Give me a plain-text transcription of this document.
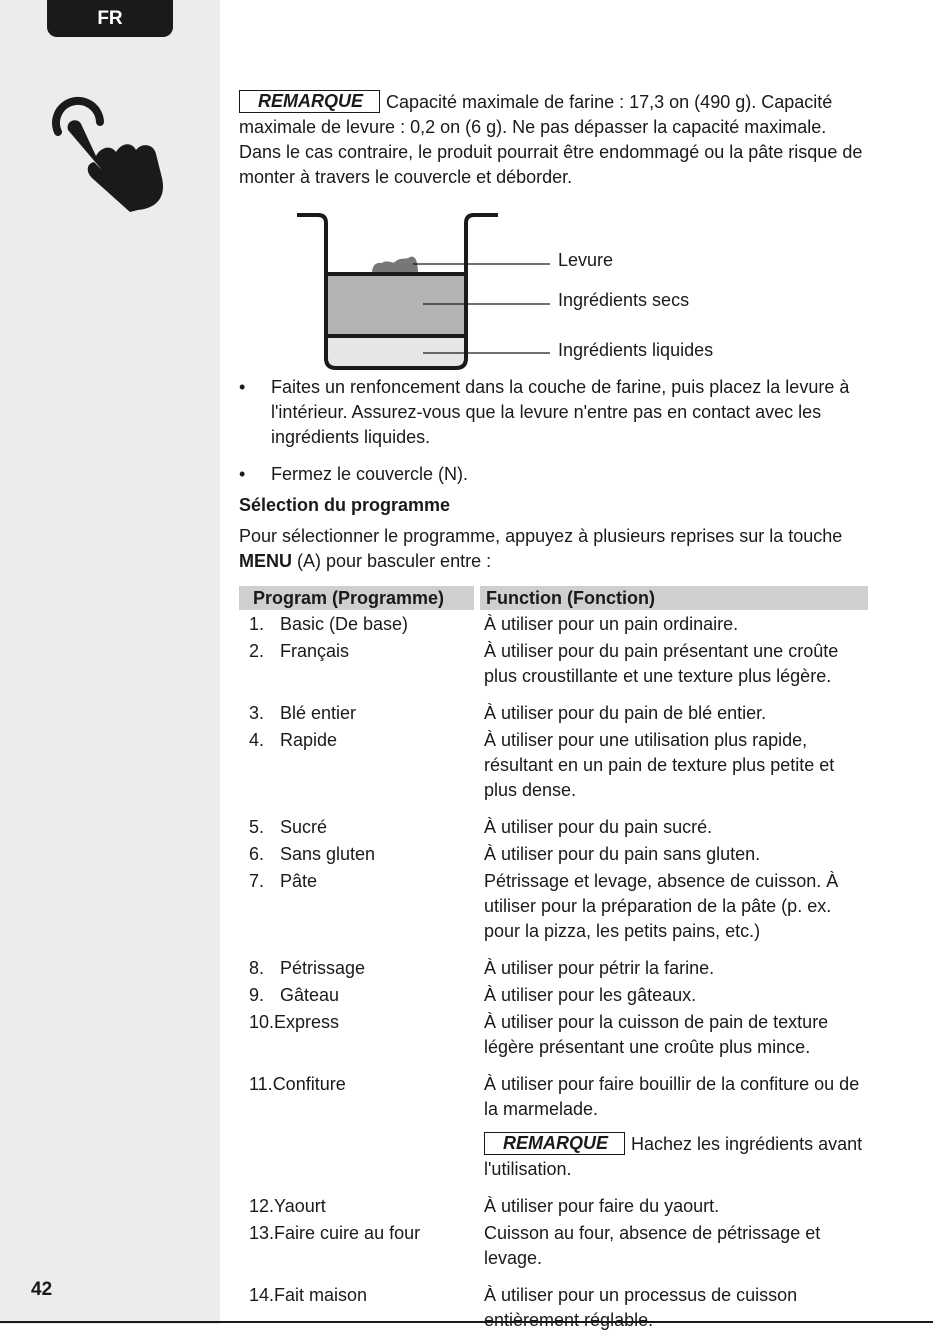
FR
42

REMARQUE Capacité maximale de farine : 17,3 on (490 g). Capacité maximale de levure : 0,2 on (6 g). Ne pas dépasser la capacité maximale. Dans le cas contraire, le produit pourrait être endommagé ou la pâte risque de monter à travers le couvercle et déborder.

Levure
Ingrédients secs
Ingrédients liquides
• Faites un renfoncement dans la couche de farine, puis placez la levure à l'intérieur. Assurez-vous que la levure n'entre pas en contact avec les ingrédients liquides.
• Fermez le couvercle (N).
Sélection du programme

Pour sélectionner le programme, appuyez à plusieurs reprises sur la touche MENU (A) pour basculer entre :

Program (Programme)	Function (Fonction)
1. Basic (De base)	À utiliser pour un pain ordinaire.

2. Français	À utiliser pour du pain présentant une croûte plus croustillante et une texture plus légère.

3. Blé entier	À utiliser pour du pain de blé entier.

4. Rapide	À utiliser pour une utilisation plus rapide, résultant en un pain de texture plus petite et plus dense.

5. Sucré	À utiliser pour du pain sucré.

6. Sans gluten	À utiliser pour du pain sans gluten.

7. Pâte	Pétrissage et levage, absence de cuisson. À utiliser pour la préparation de la pâte (p. ex. pour la pizza, les petits pains, etc.)

8. Pétrissage	À utiliser pour pétrir la farine.

9. Gâteau	À utiliser pour les gâteaux.

10.Express	À utiliser pour la cuisson de pain de texture légère présentant une croûte plus mince.

11.Confiture	À utiliser pour faire bouillir de la confiture ou de la marmelade.
REMARQUE Hachez les ingrédients avant l'utilisation.

12.Yaourt	À utiliser pour faire du yaourt.

13.Faire cuire au four	Cuisson au four, absence de pétrissage et levage.

14.Fait maison	À utiliser pour un processus de cuisson entièrement réglable.
